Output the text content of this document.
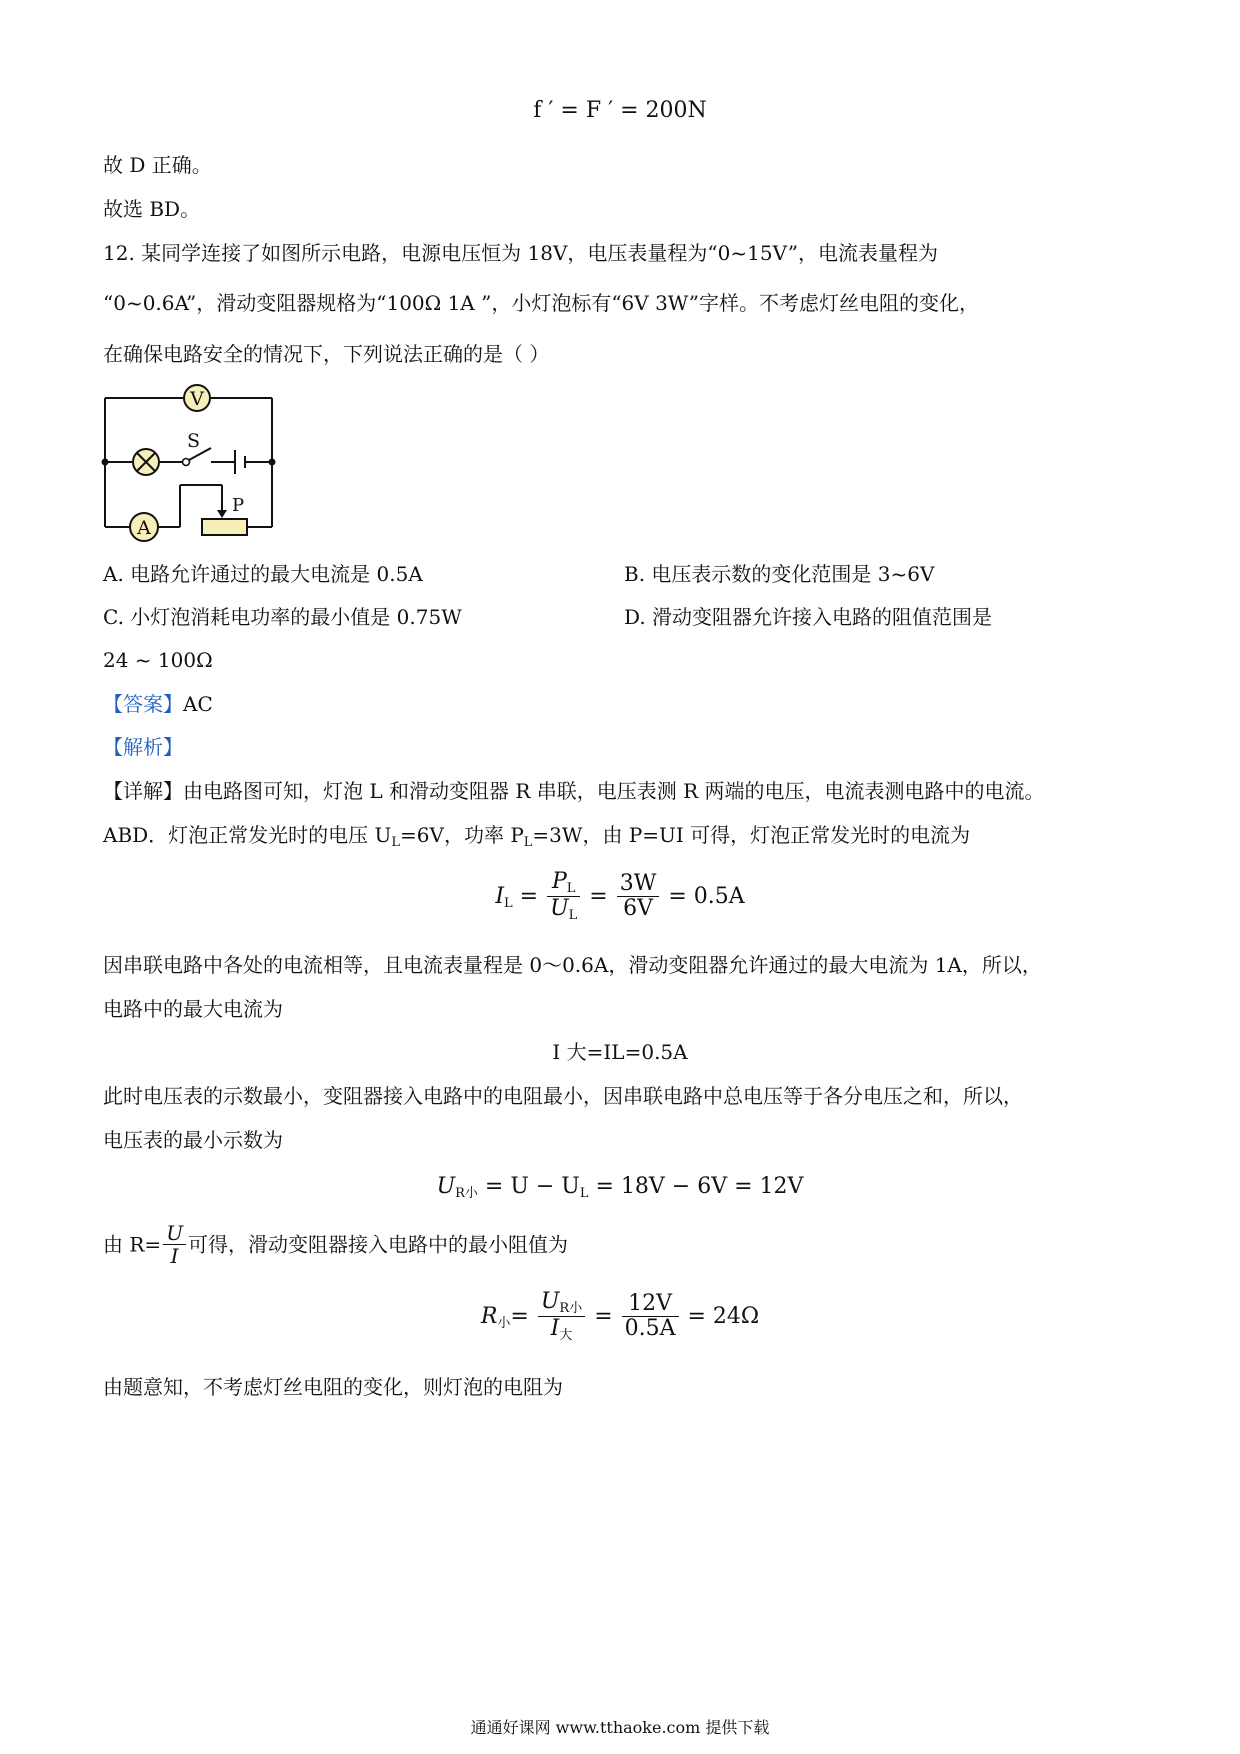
f ′ = F ′ = 200N
故 D 正确。
故选 BD。
12. 某同学连接了如图所示电路，电源电压恒为 18V，电压表量程为“0~15V”，电流表量程为
“0~0.6A”，滑动变阻器规格为“100Ω 1A ”，小灯泡标有“6V 3W”字样。不考虑灯丝电阻的变化，
在确保电路安全的情况下，下列说法正确的是（ ）
V
S
A
P
A. 电路允许通过的最大电流是 0.5A	B. 电压表示数的变化范围是 3~6V
C. 小灯泡消耗电功率的最小值是 0.75W	D. 滑动变阻器允许接入电路的阻值范围是
24 ~ 100Ω
【答案】AC
【解析】
【详解】由电路图可知，灯泡 L 和滑动变阻器 R 串联，电压表测 R 两端的电压，电流表测电路中的电流。
ABD．灯泡正常发光时的电压 $U_L=6V$，功率 $P_L=3W$，由 P=UI 可得，灯泡正常发光时的电流为
$I_L = \frac{P_L}{U_L} = \frac{3W}{6V} = 0.5A$
因串联电路中各处的电流相等，且电流表量程是 0～0.6A，滑动变阻器允许通过的最大电流为 1A，所以，
电路中的最大电流为
I 大=IL=0.5A
此时电压表的示数最小，变阻器接入电路中的电阻最小，因串联电路中总电压等于各分电压之和，所以，
电压表的最小示数为
$U_{R小} = U - U_L = 18V - 6V = 12V$
由 $R= \frac{U}{I}$ 可得，滑动变阻器接入电路中的最小阻值为
$R_小= \frac{U_{R小}}{I_大} = \frac{12V}{0.5A} = 24\Omega$
由题意知，不考虑灯丝电阻的变化，则灯泡的电阻为
通通好课网 www.tthaoke.com 提供下载
